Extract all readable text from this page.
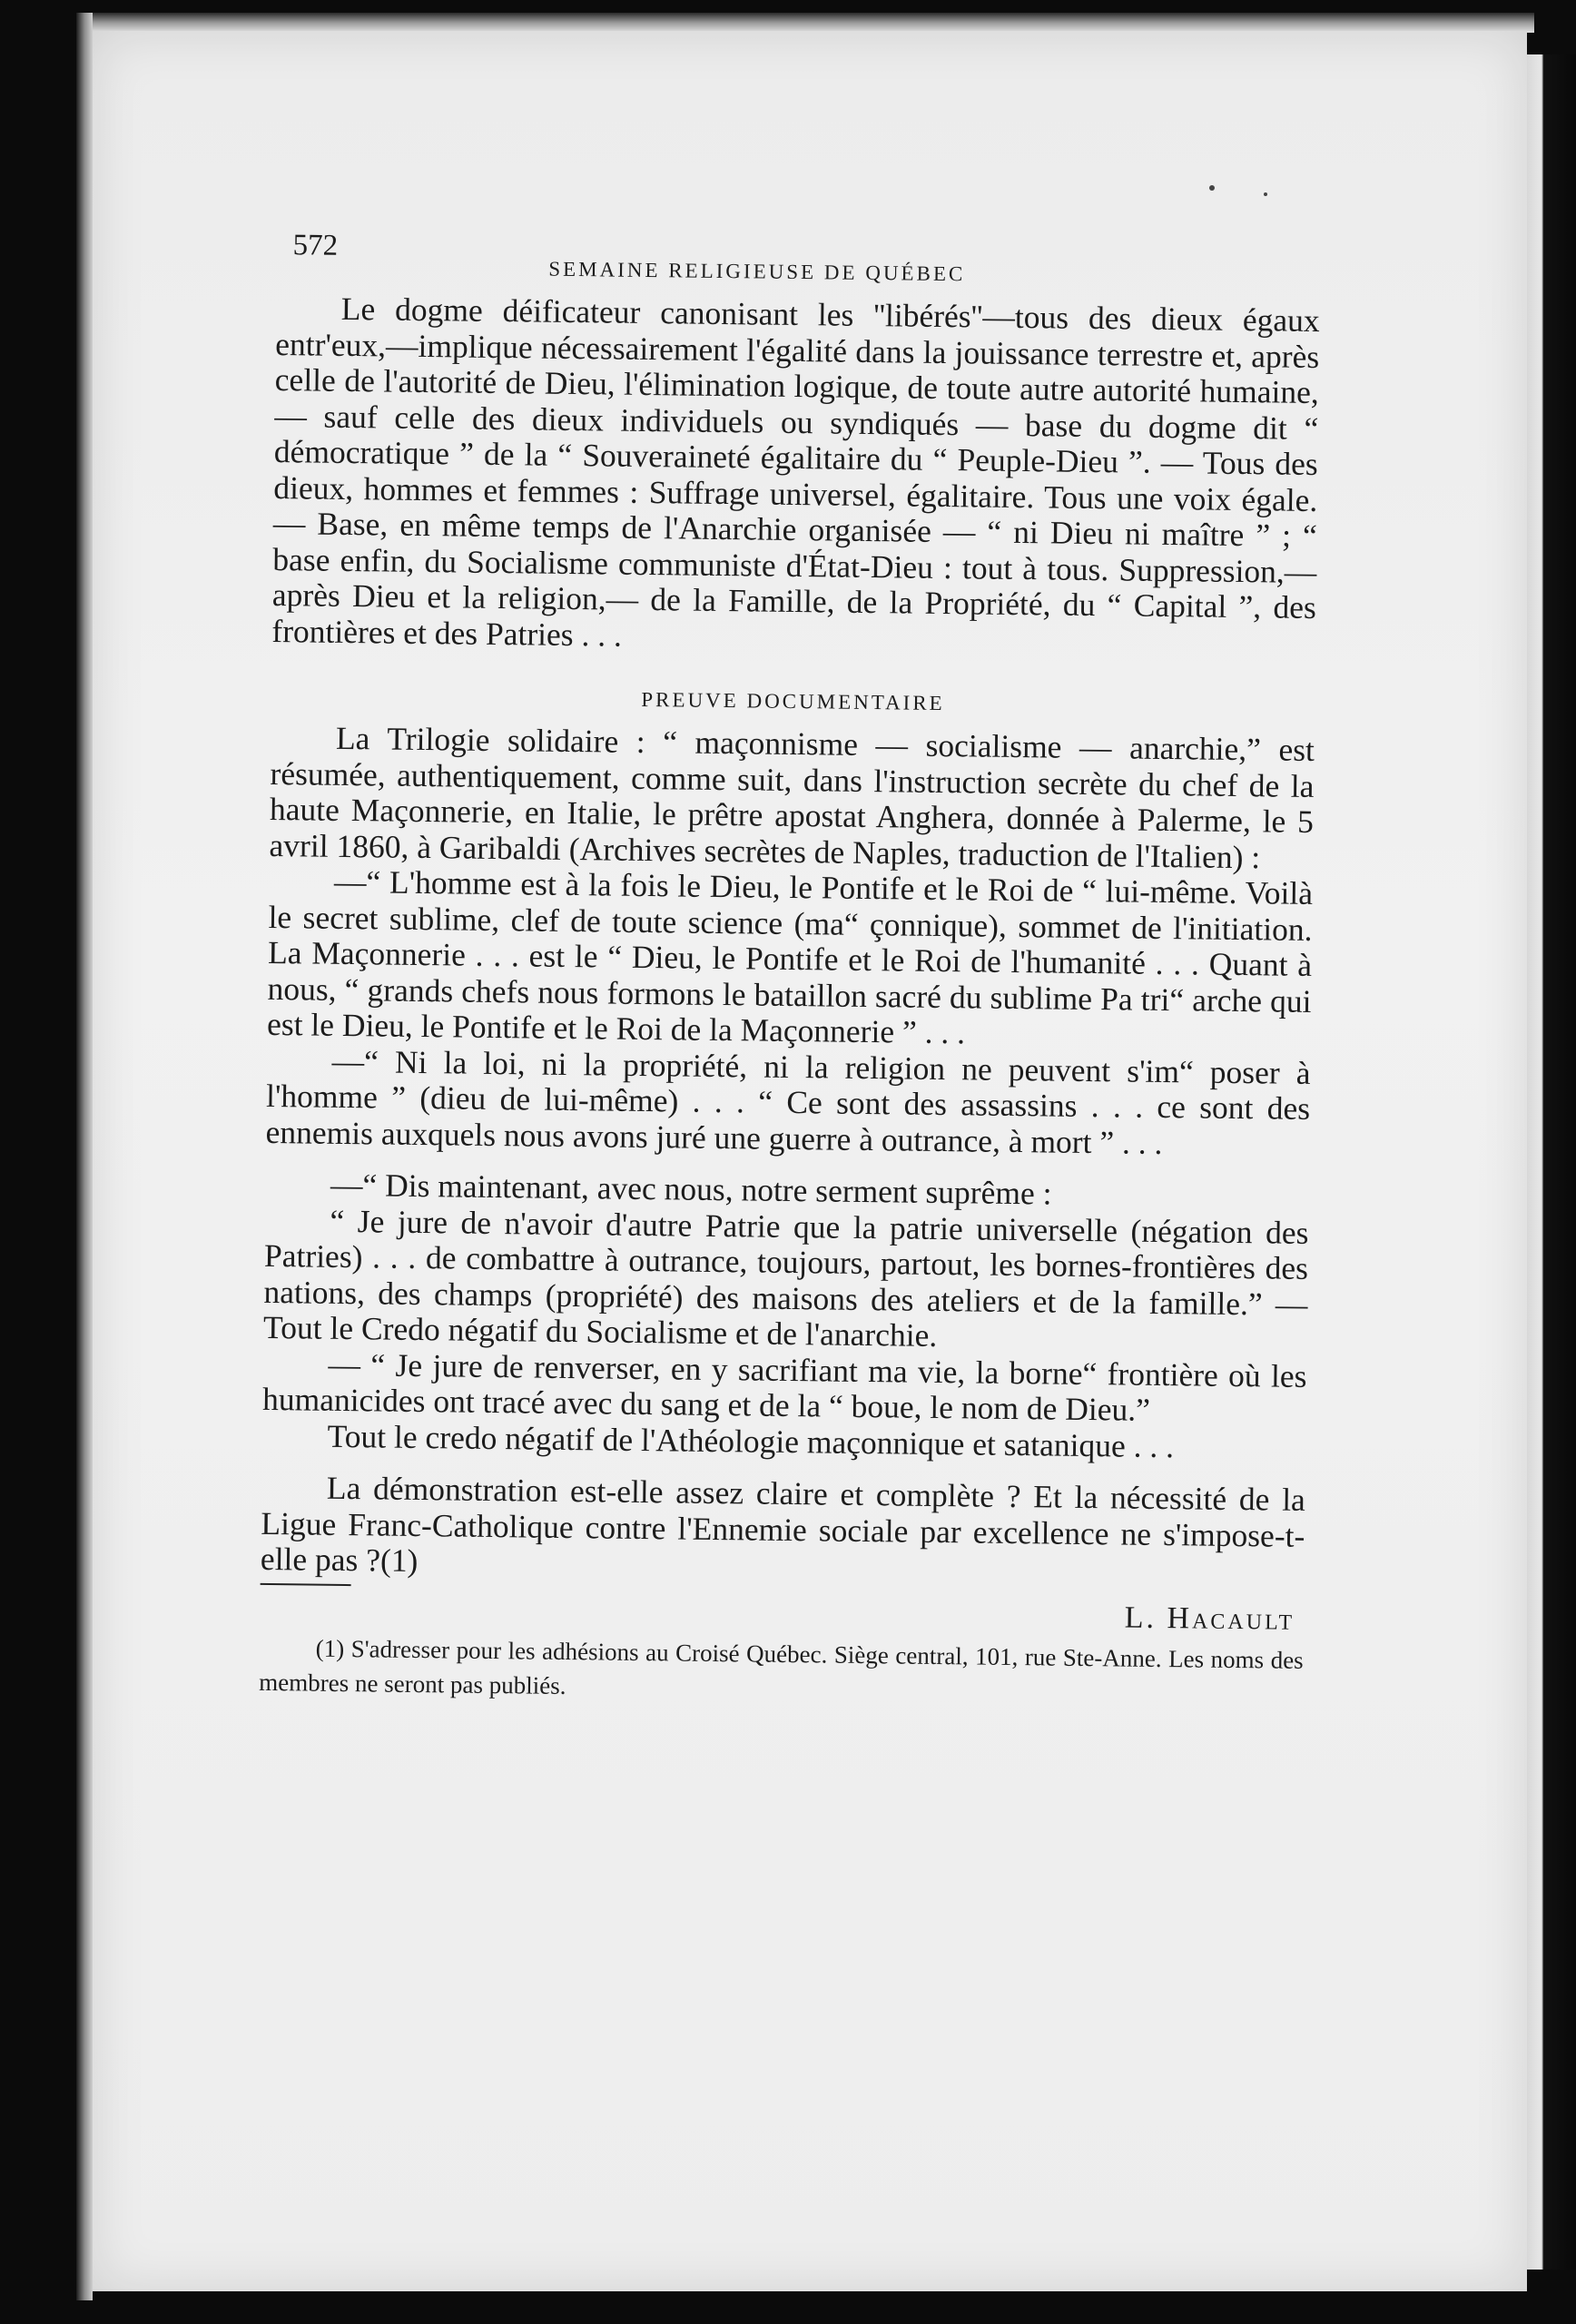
572
SEMAINE RELIGIEUSE DE QUÉBEC

Le dogme déificateur canonisant les ''libérés''—tous des dieux égaux entr'eux,—implique nécessairement l'égalité dans la jouissance terrestre et, après celle de l'autorité de Dieu, l'élimination logique, de toute autre autorité humaine,— sauf celle des dieux individuels ou syndiqués — base du dogme dit “ démocratique ” de la “ Souveraineté égalitaire du “ Peuple-Dieu ”. — Tous des dieux, hommes et femmes : Suffrage universel, égalitaire. Tous une voix égale.— Base, en même temps de l'Anarchie organisée — “ ni Dieu ni maître ” ; “ base enfin, du Socialisme communiste d'État-Dieu : tout à tous. Suppression,— après Dieu et la religion,— de la Famille, de la Propriété, du “ Capital ”, des frontières et des Patries . . .

PREUVE DOCUMENTAIRE

La Trilogie solidaire : “ maçonnisme — socialisme — anarchie,” est résumée, authentiquement, comme suit, dans l'instruction secrète du chef de la haute Maçonnerie, en Italie, le prêtre apostat Anghera, donnée à Palerme, le 5 avril 1860, à Garibaldi (Archives secrètes de Naples, traduction de l'Italien) :

—“ L'homme est à la fois le Dieu, le Pontife et le Roi de “ lui-même. Voilà le secret sublime, clef de toute science (ma“ çonnique), sommet de l'initiation. La Maçonnerie . . . est le “ Dieu, le Pontife et le Roi de l'humanité . . . Quant à nous, “ grands chefs nous formons le bataillon sacré du sublime Pa tri“ arche qui est le Dieu, le Pontife et le Roi de la Maçonnerie ” . . .

—“ Ni la loi, ni la propriété, ni la religion ne peuvent s'im“ poser à l'homme ” (dieu de lui-même) . . . “ Ce sont des assassins . . . ce sont des ennemis auxquels nous avons juré une guerre à outrance, à mort ” . . .

—“ Dis maintenant, avec nous, notre serment suprême :

“ Je jure de n'avoir d'autre Patrie que la patrie universelle (négation des Patries) . . . de combattre à outrance, toujours, partout, les bornes-frontières des nations, des champs (propriété) des maisons des ateliers et de la famille.” — Tout le Credo négatif du Socialisme et de l'anarchie.

— “ Je jure de renverser, en y sacrifiant ma vie, la borne“ frontière où les humanicides ont tracé avec du sang et de la “ boue, le nom de Dieu.”

Tout le credo négatif de l'Athéologie maçonnique et satanique . . .

La démonstration est-elle assez claire et complète ? Et la nécessité de la Ligue Franc-Catholique contre l'Ennemie sociale par excellence ne s'impose-t-elle pas ?(1)

L. Hacault

(1) S'adresser pour les adhésions au Croisé Québec. Siège central, 101, rue Ste-Anne. Les noms des membres ne seront pas publiés.
